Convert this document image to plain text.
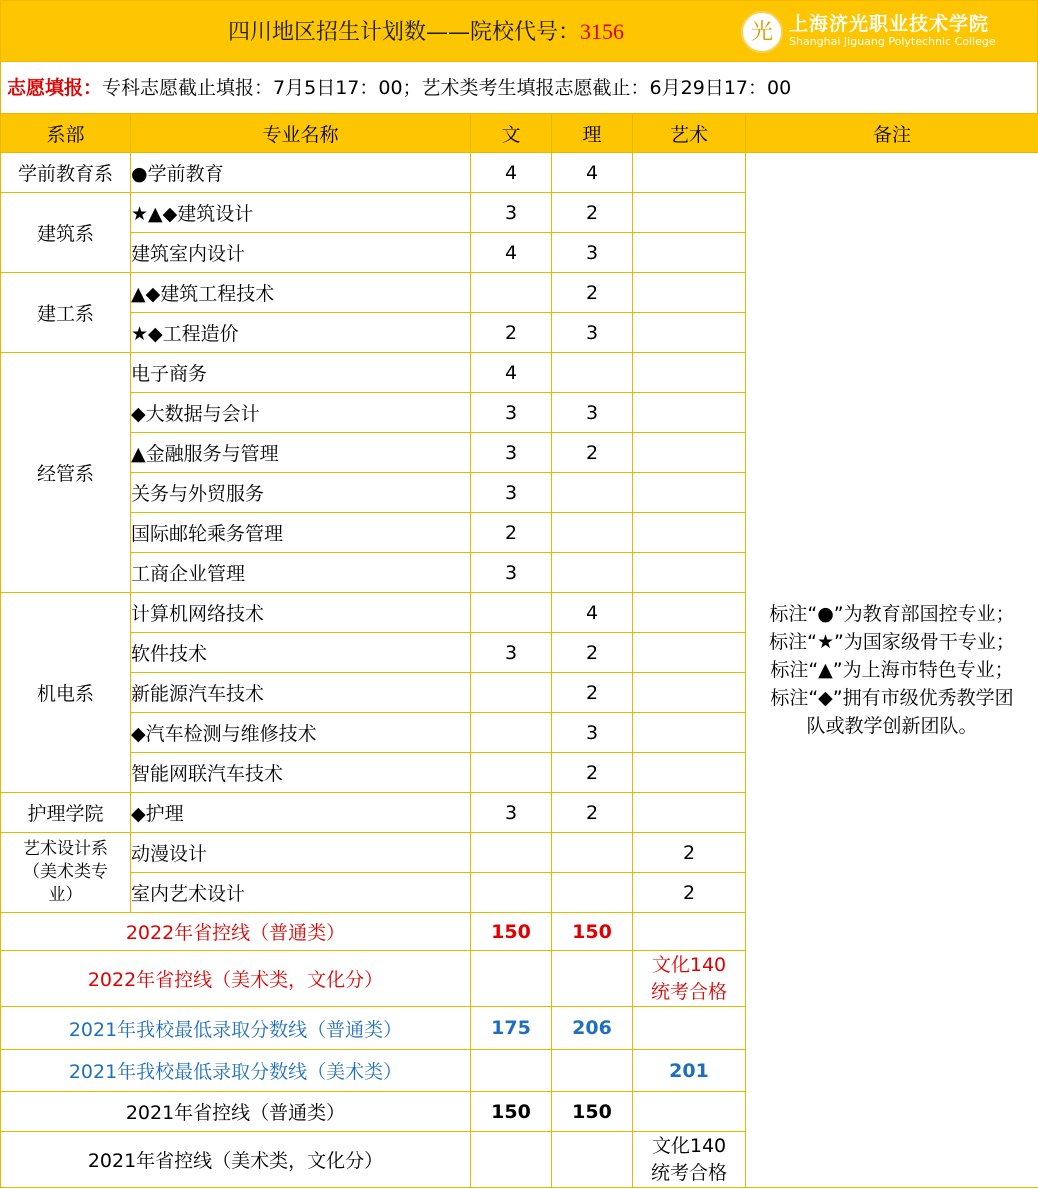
四川地区招生计划数——院校代号：3156	光 上海济光职业技术学院
Shanghai Jiguang Polytechnic College
志愿填报：专科志愿截止填报：7月5日17：00；艺术类考生填报志愿截止：6月29日17：00
系部	专业名称	文	理	艺术	备注
学前教育系	●学前教育	4	4		标注“●”为教育部国控专业；
标注“★”为国家级骨干专业；
标注“▲”为上海市特色专业；
标注“◆”拥有市级优秀教学团
队或教学创新团队。

建筑系	★▲◆建筑设计	3	2		
	建筑室内设计	4	3		
建工系	▲◆建筑工程技术		2		
	★◆工程造价	2	3		
经管系	电子商务	4			
	◆大数据与会计	3	3		
	▲金融服务与管理	3	2		
	关务与外贸服务	3			
	国际邮轮乘务管理	2			
	工商企业管理	3			
机电系	计算机网络技术		4		
	软件技术	3	2		
	新能源汽车技术		2		
	◆汽车检测与维修技术		3		
	智能网联汽车技术		2		
护理学院	◆护理	3	2		

艺术设计系
（美术类专
业）	动漫设计			2	
	室内艺术设计			2	
2022年省控线（普通类）		150	150		
2022年省控线（美术类，文化分）				文化140
统考合格	

2021年我校最低录取分数线（普通类）		175	206		
2021年我校最低录取分数线（美术类）				201	
2021年省控线（普通类）		150	150		
2021年省控线（美术类，文化分）				文化140
统考合格	
